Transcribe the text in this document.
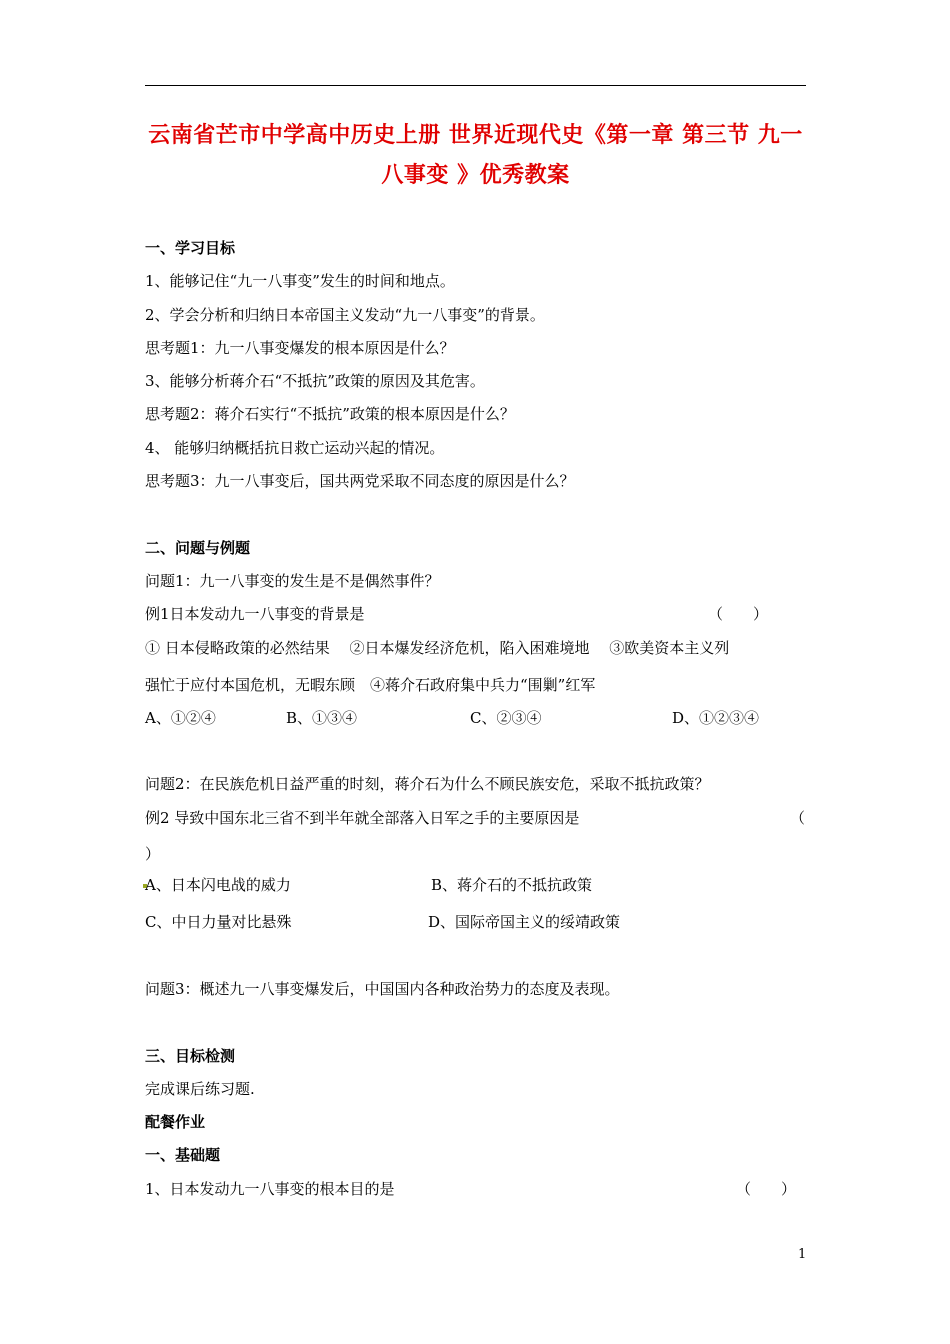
云南省芒市中学高中历史上册 世界近现代史《第一章 第三节 九一八事变 》优秀教案
一、学习目标
1、能够记住“九一八事变”发生的时间和地点。
2、学会分析和归纳日本帝国主义发动“九一八事变”的背景。
思考题1：九一八事变爆发的根本原因是什么？
3、能够分析蒋介石“不抵抗”政策的原因及其危害。
思考题2：蒋介石实行“不抵抗”政策的根本原因是什么？
4、 能够归纳概括抗日救亡运动兴起的情况。
思考题3：九一八事变后，国共两党采取不同态度的原因是什么？
二、问题与例题
问题1：九一八事变的发生是不是偶然事件？
例1日本发动九一八事变的背景是	（　　）
① 日本侵略政策的必然结果　 ②日本爆发经济危机，陷入困难境地　 ③欧美资本主义列
强忙于应付本国危机，无暇东顾　④蒋介石政府集中兵力“围剿”红军
A、①②④	B、①③④	C、②③④	D、①②③④
问题2：在民族危机日益严重的时刻，蒋介石为什么不顾民族安危，采取不抵抗政策？
例2 导致中国东北三省不到半年就全部落入日军之手的主要原因是	（
）
A、日本闪电战的威力	B、蒋介石的不抵抗政策
C、中日力量对比悬殊	D、国际帝国主义的绥靖政策
问题3：概述九一八事变爆发后，中国国内各种政治势力的态度及表现。
三、目标检测
完成课后练习题.
配餐作业
一、基础题
1、日本发动九一八事变的根本目的是	（　　）
1
